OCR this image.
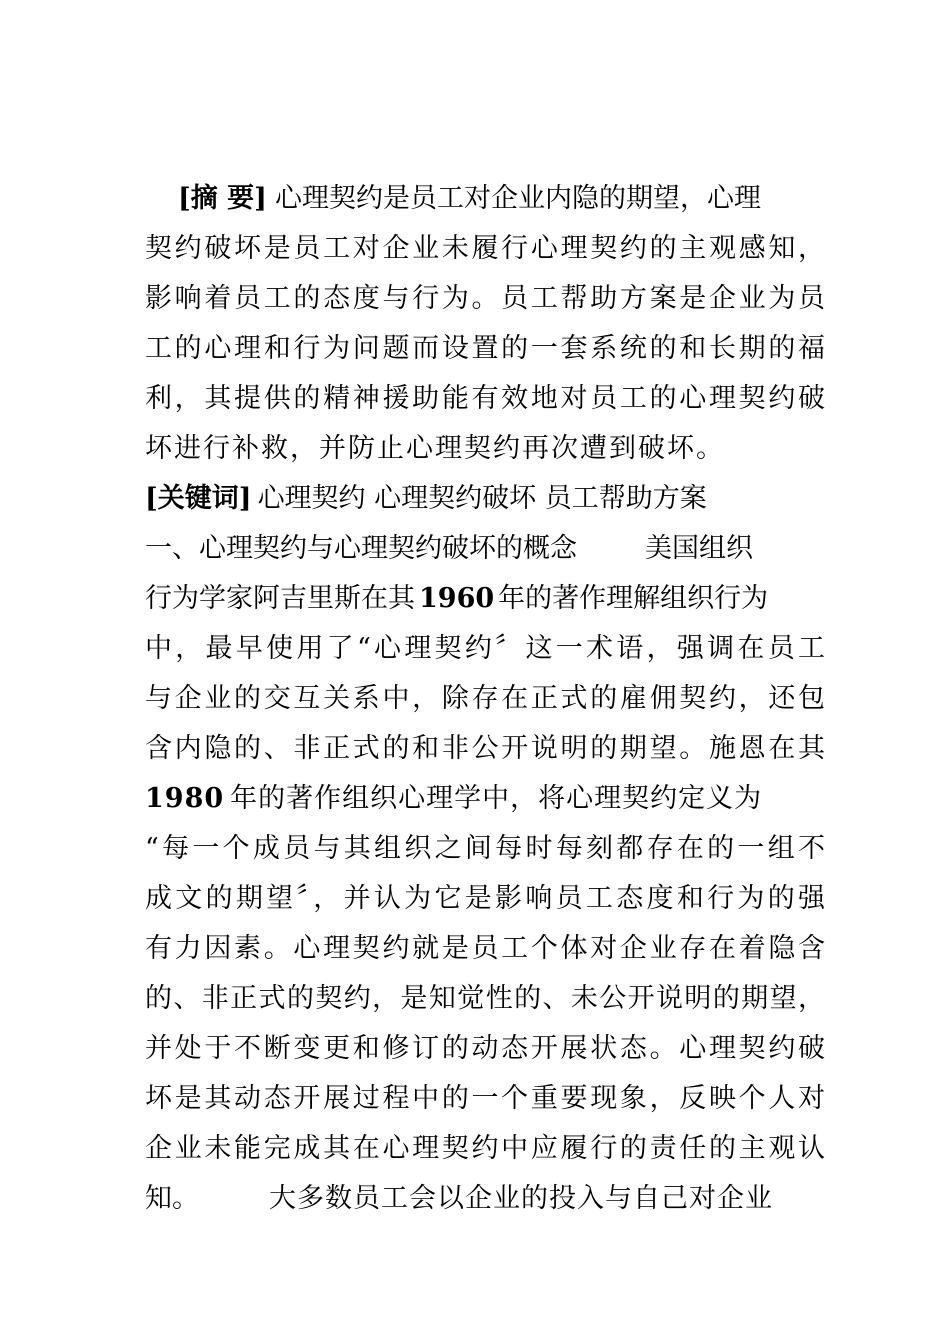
[摘 要] 心理契约是员工对企业内隐的期望，心理
契约破坏是员工对企业未履行心理契约的主观感知，
影响着员工的态度与行为。员工帮助方案是企业为员
工的心理和行为问题而设置的一套系统的和长期的福
利，其提供的精神援助能有效地对员工的心理契约破
坏进行补救，并防止心理契约再次遭到破坏。
[关键词] 心理契约 心理契约破坏 员工帮助方案
一、心理契约与心理契约破坏的概念	美国组织
行为学家阿吉里斯在其 1960 年的著作理解组织行为
中，最早使用了“心理契约〞这一术语，强调在员工
与企业的交互关系中，除存在正式的雇佣契约，还包
含内隐的、非正式的和非公开说明的期望。施恩在其
1980 年的著作组织心理学中，将心理契约定义为
“每一个成员与其组织之间每时每刻都存在的一组不
成文的期望〞，并认为它是影响员工态度和行为的强
有力因素。心理契约就是员工个体对企业存在着隐含
的、非正式的契约，是知觉性的、未公开说明的期望，
并处于不断变更和修订的动态开展状态。心理契约破
坏是其动态开展过程中的一个重要现象，反映个人对
企业未能完成其在心理契约中应履行的责任的主观认
知。	大多数员工会以企业的投入与自己对企业
